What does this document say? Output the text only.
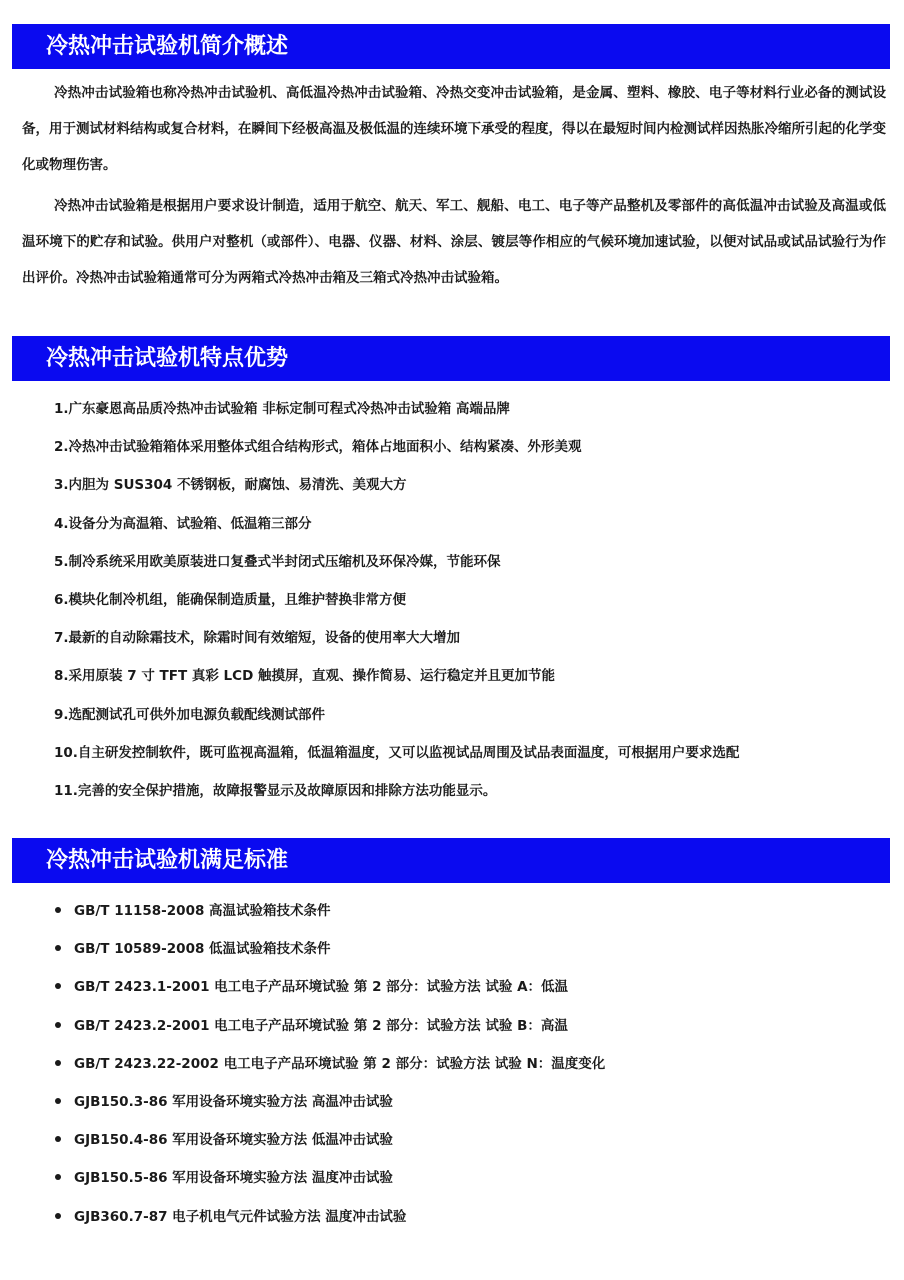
冷热冲击试验机简介概述

冷热冲击试验箱也称冷热冲击试验机、高低温冷热冲击试验箱、冷热交变冲击试验箱，是金属、塑料、橡胶、电子等材料行业必备的测试设备，用于测试材料结构或复合材料，在瞬间下经极高温及极低温的连续环境下承受的程度，得以在最短时间内检测试样因热胀冷缩所引起的化学变化或物理伤害。

冷热冲击试验箱是根据用户要求设计制造，适用于航空、航天、军工、舰船、电工、电子等产品整机及零部件的高低温冲击试验及高温或低温环境下的贮存和试验。供用户对整机（或部件）、电器、仪器、材料、涂层、镀层等作相应的气候环境加速试验，以便对试品或试品试验行为作出评价。冷热冲击试验箱通常可分为两箱式冷热冲击箱及三箱式冷热冲击试验箱。

冷热冲击试验机特点优势
1.广东豪恩高品质冷热冲击试验箱 非标定制可程式冷热冲击试验箱 高端品牌
2.冷热冲击试验箱箱体采用整体式组合结构形式，箱体占地面积小、结构紧凑、外形美观
3.内胆为 SUS304 不锈钢板，耐腐蚀、易清洗、美观大方
4.设备分为高温箱、试验箱、低温箱三部分
5.制冷系统采用欧美原装进口复叠式半封闭式压缩机及环保冷媒，节能环保
6.模块化制冷机组，能确保制造质量，且维护替换非常方便
7.最新的自动除霜技术，除霜时间有效缩短，设备的使用率大大增加
8.采用原装 7 寸 TFT 真彩 LCD 触摸屏，直观、操作简易、运行稳定并且更加节能
9.选配测试孔可供外加电源负载配线测试部件
10.自主研发控制软件，既可监视高温箱，低温箱温度，又可以监视试品周围及试品表面温度，可根据用户要求选配
11.完善的安全保护措施，故障报警显示及故障原因和排除方法功能显示。
冷热冲击试验机满足标准
GB/T 11158-2008 高温试验箱技术条件
GB/T 10589-2008 低温试验箱技术条件
GB/T 2423.1-2001 电工电子产品环境试验 第 2 部分：试验方法 试验 A：低温
GB/T 2423.2-2001 电工电子产品环境试验 第 2 部分：试验方法 试验 B：高温
GB/T 2423.22-2002 电工电子产品环境试验 第 2 部分：试验方法 试验 N：温度变化
GJB150.3-86 军用设备环境实验方法 高温冲击试验
GJB150.4-86 军用设备环境实验方法 低温冲击试验
GJB150.5-86 军用设备环境实验方法 温度冲击试验
GJB360.7-87 电子机电气元件试验方法 温度冲击试验
